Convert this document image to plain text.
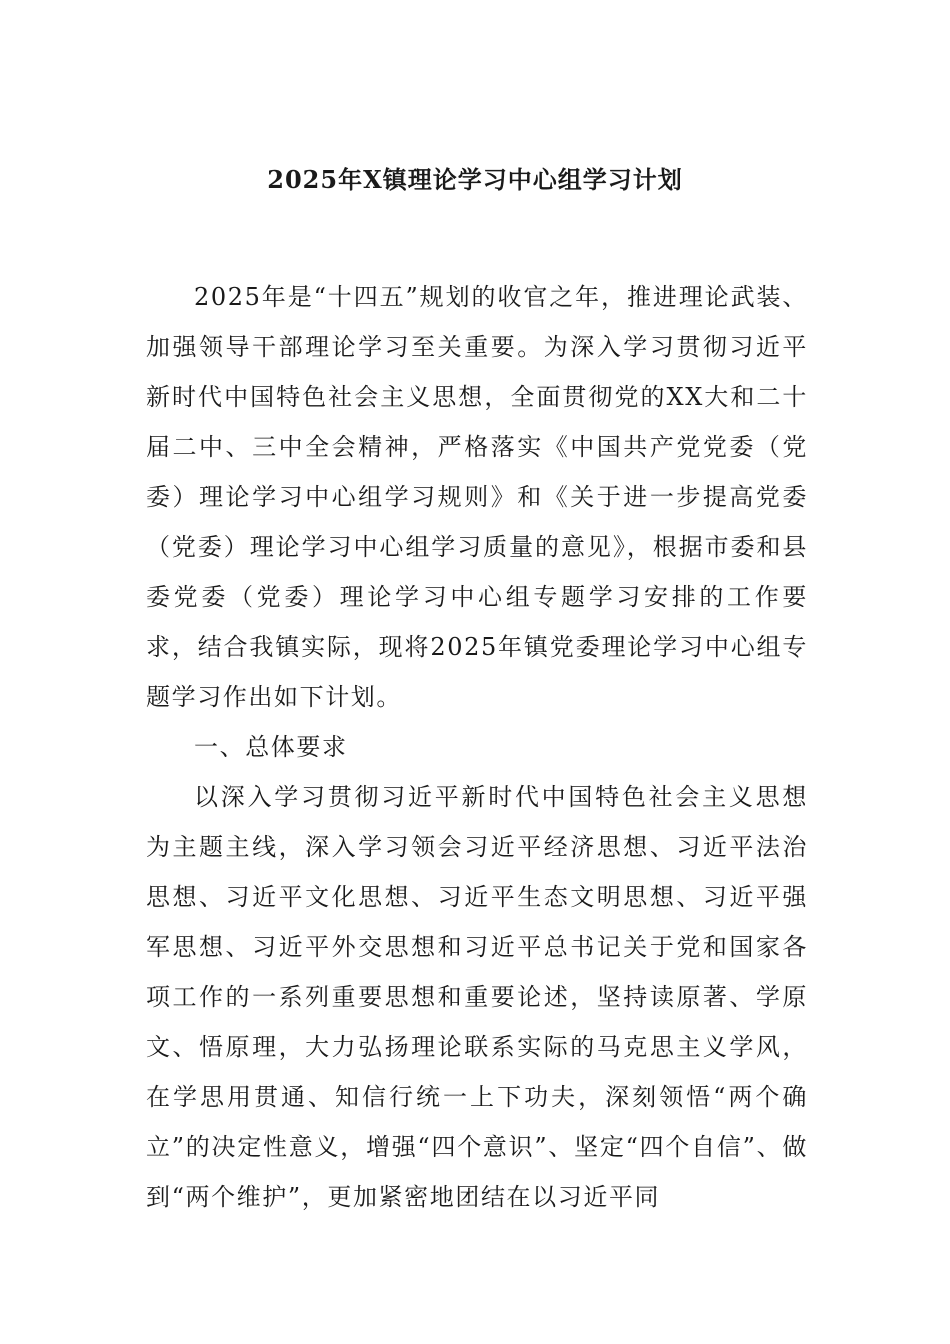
2025年X镇理论学习中心组学习计划

2025年是“十四五”规划的收官之年，推进理论武装、加强领导干部理论学习至关重要。为深入学习贯彻习近平新时代中国特色社会主义思想，全面贯彻党的XX大和二十届二中、三中全会精神，严格落实《中国共产党党委（党委）理论学习中心组学习规则》和《关于进一步提高党委（党委）理论学习中心组学习质量的意见》，根据市委和县委党委（党委）理论学习中心组专题学习安排的工作要求，结合我镇实际，现将2025年镇党委理论学习中心组专题学习作出如下计划。

一、总体要求

以深入学习贯彻习近平新时代中国特色社会主义思想为主题主线，深入学习领会习近平经济思想、习近平法治思想、习近平文化思想、习近平生态文明思想、习近平强军思想、习近平外交思想和习近平总书记关于党和国家各项工作的一系列重要思想和重要论述，坚持读原著、学原文、悟原理，大力弘扬理论联系实际的马克思主义学风，在学思用贯通、知信行统一上下功夫，深刻领悟“两个确立”的决定性意义，增强“四个意识”、坚定“四个自信”、做到“两个维护”，更加紧密地团结在以习近平同
